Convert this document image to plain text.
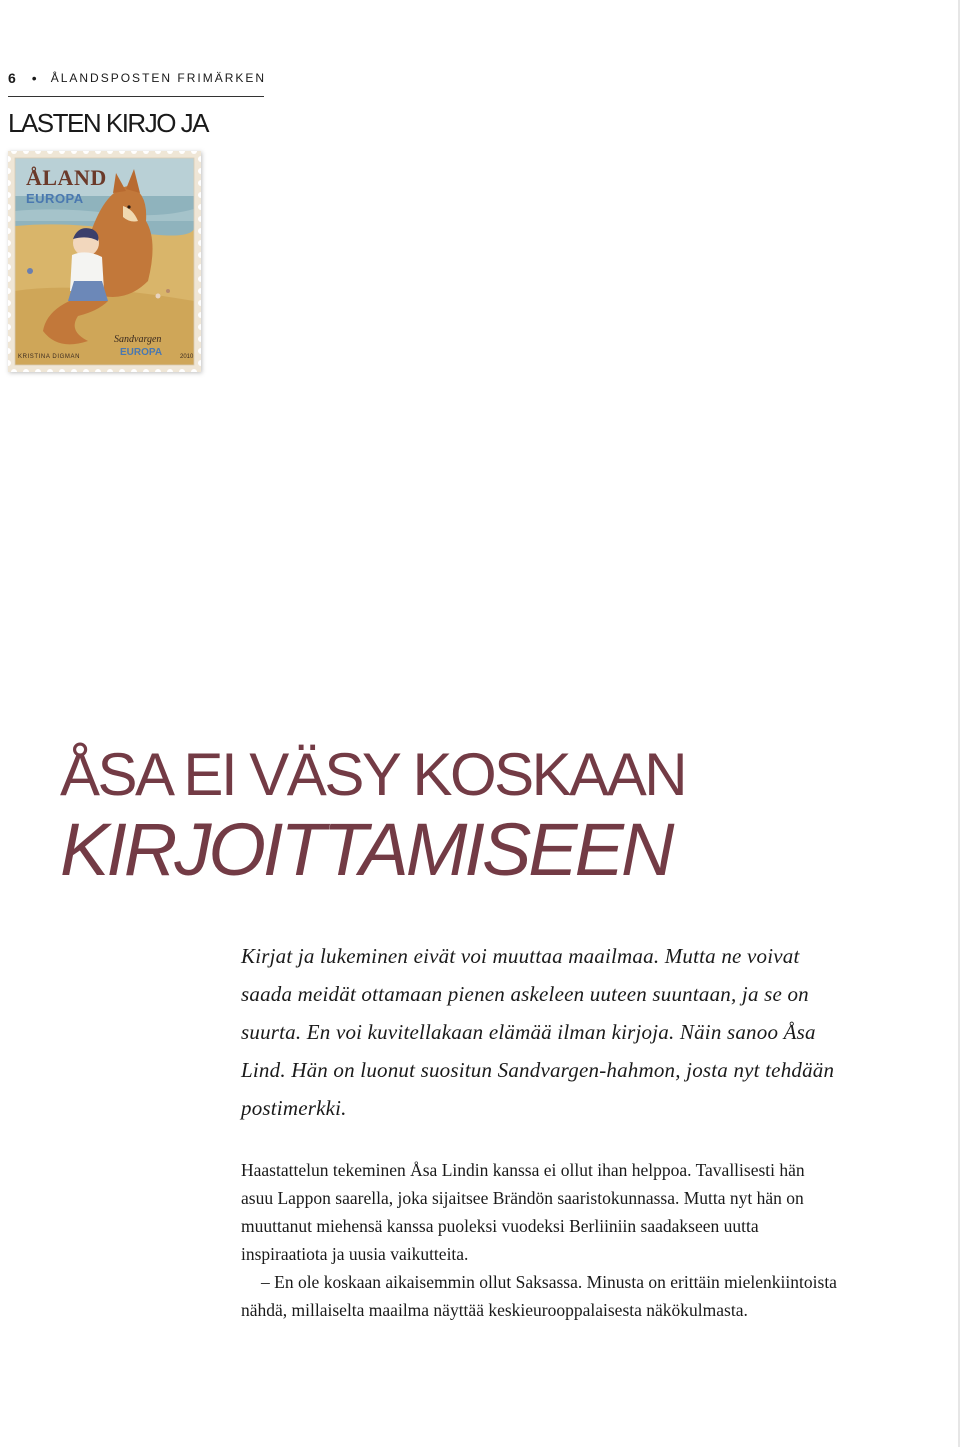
6 • ÅLANDSPOSTEN FRIMÄRKEN
LASTEN KIRJO JA
ÅLAND
EUROPA
KRISTINA DIGMAN
Sandvargen
EUROPA	2010
ÅSA EI VÄSY KOSKAAN
KIRJOITTAMISEEN
Kirjat ja lukeminen eivät voi muuttaa maailmaa. Mutta ne voivat saada meidät ottamaan pienen askeleen uuteen suuntaan, ja se on suurta. En voi kuvitellakaan elämää ilman kirjoja. Näin sanoo Åsa Lind. Hän on luonut suositun Sandvargen-hahmon, josta nyt tehdään postimerkki.

Haastattelun tekeminen Åsa Lindin kanssa ei ollut ihan helppoa. Tavallisesti hän asuu Lappon saarella, joka sijaitsee Brändön saaristokunnassa. Mutta nyt hän on muuttanut miehensä kanssa puoleksi vuodeksi Berliiniin saadakseen uutta inspiraatiota ja uusia vaikutteita.

– En ole koskaan aikaisemmin ollut Saksassa. Minusta on erittäin mielenkiintoista nähdä, millaiselta maailma näyttää keskieurooppalaisesta näkökulmasta.
